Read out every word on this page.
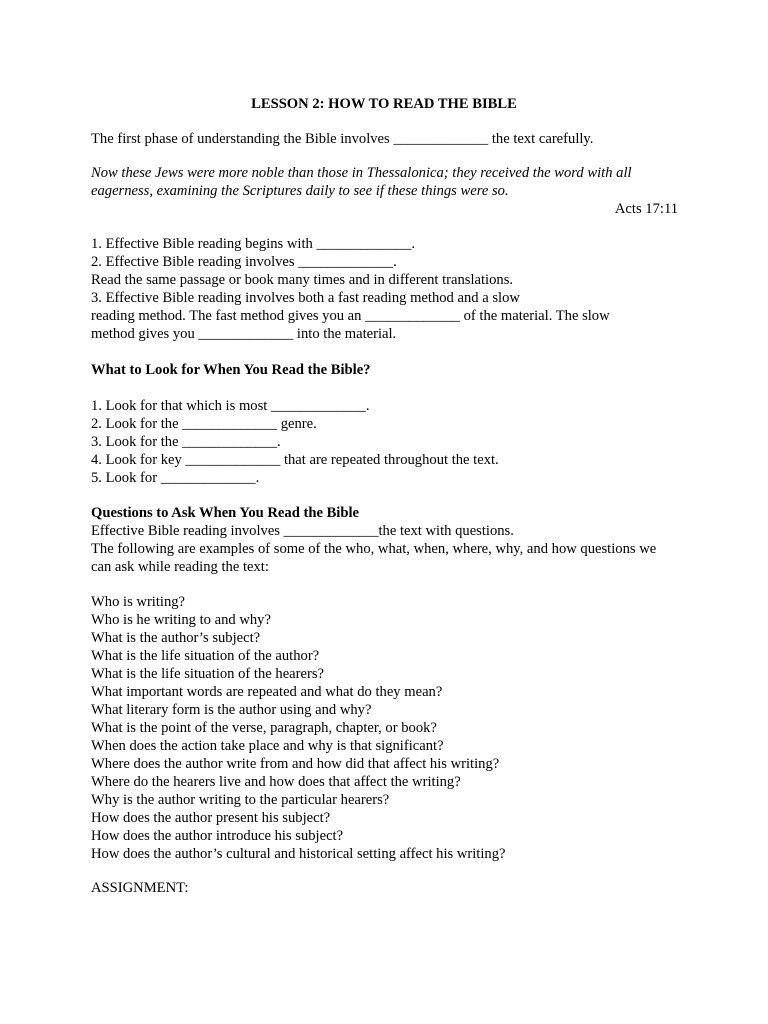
LESSON 2: HOW TO READ THE BIBLE

The first phase of understanding the Bible involves _____________ the text carefully.

Now these Jews were more noble than those in Thessalonica; they received the word with all

eagerness, examining the Scriptures daily to see if these things were so.

Acts 17:11

1. Effective Bible reading begins with _____________.

2. Effective Bible reading involves _____________.

Read the same passage or book many times and in different translations.

3. Effective Bible reading involves both a fast reading method and a slow

reading method. The fast method gives you an _____________ of the material. The slow

method gives you _____________ into the material.

What to Look for When You Read the Bible?

1. Look for that which is most _____________.

2. Look for the _____________ genre.

3. Look for the _____________.

4. Look for key _____________ that are repeated throughout the text.

5. Look for _____________.

Questions to Ask When You Read the Bible

Effective Bible reading involves _____________the text with questions.

The following are examples of some of the who, what, when, where, why, and how questions we

can ask while reading the text:

Who is writing?

Who is he writing to and why?

What is the author’s subject?

What is the life situation of the author?

What is the life situation of the hearers?

What important words are repeated and what do they mean?

What literary form is the author using and why?

What is the point of the verse, paragraph, chapter, or book?

When does the action take place and why is that significant?

Where does the author write from and how did that affect his writing?

Where do the hearers live and how does that affect the writing?

Why is the author writing to the particular hearers?

How does the author present his subject?

How does the author introduce his subject?

How does the author’s cultural and historical setting affect his writing?

ASSIGNMENT:
